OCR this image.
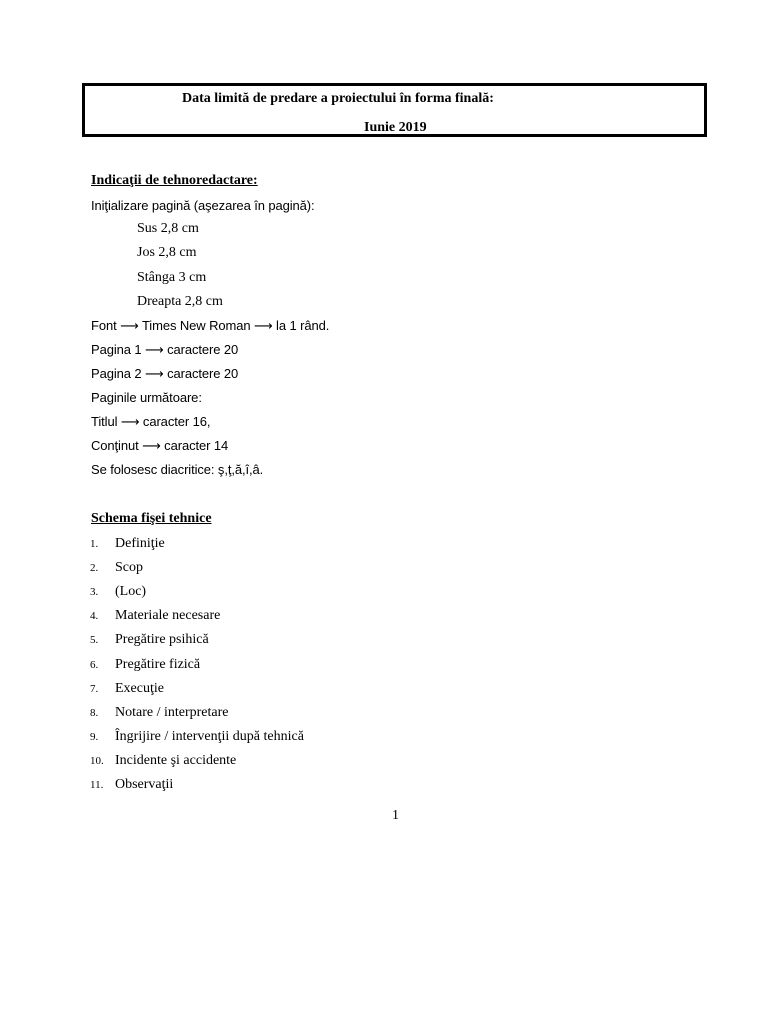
Data limită de predare a proiectului în forma finală:
Iunie 2019
Indicaţii de tehnoredactare:
Iniţializare pagină (aşezarea în pagină):
Sus 2,8 cm
Jos 2,8 cm
Stânga 3 cm
Dreapta 2,8 cm
Font ⟶ Times New Roman ⟶ la 1 rând.
Pagina 1 ⟶ caractere 20
Pagina 2 ⟶ caractere 20
Paginile următoare:
Titlul ⟶ caracter 16,
Conţinut ⟶ caracter 14
Se folosesc diacritice: ş,ţ,ă,î,â.
Schema fişei tehnice
1. Definiţie
2. Scop
3. (Loc)
4. Materiale necesare
5. Pregătire psihică
6. Pregătire fizică
7. Execuţie
8. Notare / interpretare
9. Îngrijire / intervenţii după tehnică
10. Incidente şi accidente
11. Observaţii
1
